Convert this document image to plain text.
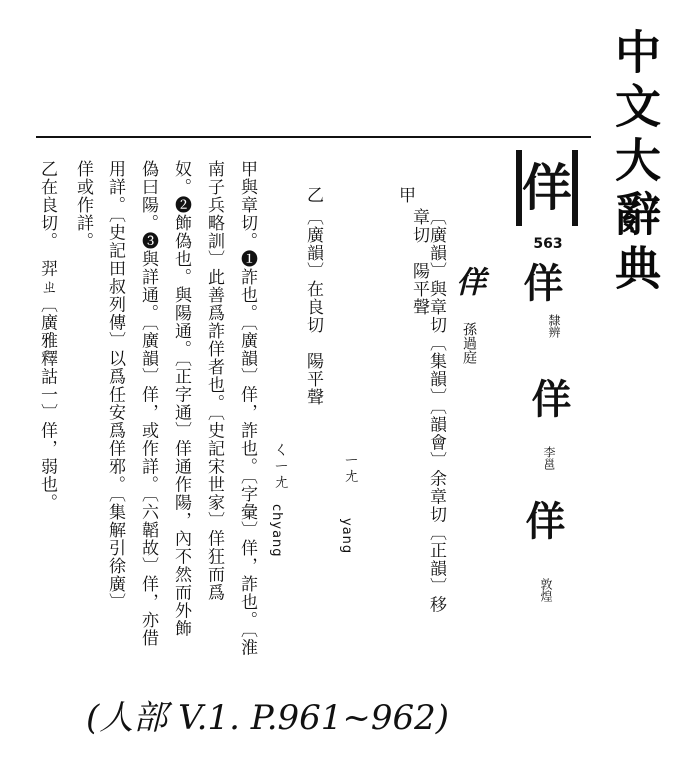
中文大辭典
佯
563
佯
隸辨
佯
李邕
佯
敦煌
佯
孫過庭
甲
〔廣韻〕與章切〔集韻〕〔韻會〕余章切〔正韻〕移章切　陽平聲
ㄧㄤ
yang
乙
〔廣韻〕在良切　陽平聲
ㄑㄧㄤ
chyang
甲與章切。❶詐也。〔廣韻〕佯，詐也。〔字彙〕佯，詐也。〔淮
南子兵略訓〕此善爲詐佯者也。〔史記宋世家〕佯狂而爲
奴。❷飾偽也。與陽通。〔正字通〕佯通作陽，內不然而外飾
偽曰陽。❸與詳通。〔廣韻〕佯，或作詳。〔六韜故〕佯，亦借
用詳。〔史記田叔列傳〕以爲任安爲佯邪。〔集解引徐廣〕
佯或作詳。
乙在良切。　羿ㄓ〔廣雅釋詁一〕佯，弱也。
(人部 V.1. P.961~962)
